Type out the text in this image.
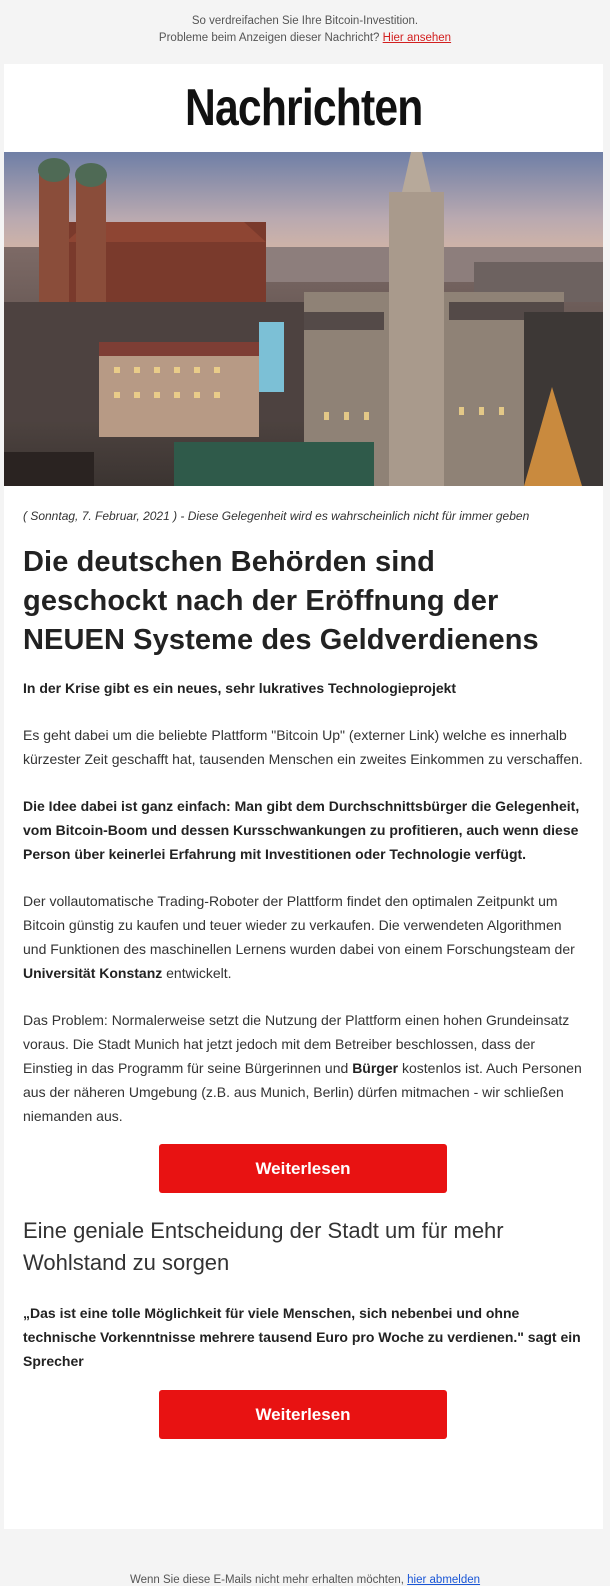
So verdreifachen Sie Ihre Bitcoin-Investition.
Probleme beim Anzeigen dieser Nachricht? Hier ansehen
Nachrichten

( Sonntag, 7. Februar, 2021 ) - Diese Gelegenheit wird es wahrscheinlich nicht für immer geben

Die deutschen Behörden sind geschockt nach der Eröffnung der NEUEN Systeme des Geldverdienens

In der Krise gibt es ein neues, sehr lukratives Technologieprojekt

Es geht dabei um die beliebte Plattform "Bitcoin Up" (externer Link) welche es innerhalb kürzester Zeit geschafft hat, tausenden Menschen ein zweites Einkommen zu verschaffen.

Die Idee dabei ist ganz einfach: Man gibt dem Durchschnittsbürger die Gelegenheit, vom Bitcoin-Boom und dessen Kursschwankungen zu profitieren, auch wenn diese Person über keinerlei Erfahrung mit Investitionen oder Technologie verfügt.

Der vollautomatische Trading-Roboter der Plattform findet den optimalen Zeitpunkt um Bitcoin günstig zu kaufen und teuer wieder zu verkaufen. Die verwendeten Algorithmen und Funktionen des maschinellen Lernens wurden dabei von einem Forschungsteam der Universität Konstanz entwickelt.

Das Problem: Normalerweise setzt die Nutzung der Plattform einen hohen Grundeinsatz voraus. Die Stadt Munich hat jetzt jedoch mit dem Betreiber beschlossen, dass der Einstieg in das Programm für seine Bürgerinnen und Bürger kostenlos ist. Auch Personen aus der näheren Umgebung (z.B. aus Munich, Berlin) dürfen mitmachen - wir schließen niemanden aus.

Weiterlesen
Eine geniale Entscheidung der Stadt um für mehr Wohlstand zu sorgen

„Das ist eine tolle Möglichkeit für viele Menschen, sich nebenbei und ohne technische Vorkenntnisse mehrere tausend Euro pro Woche zu verdienen." sagt ein Sprecher

Weiterlesen
Wenn Sie diese E-Mails nicht mehr erhalten möchten, hier abmelden
